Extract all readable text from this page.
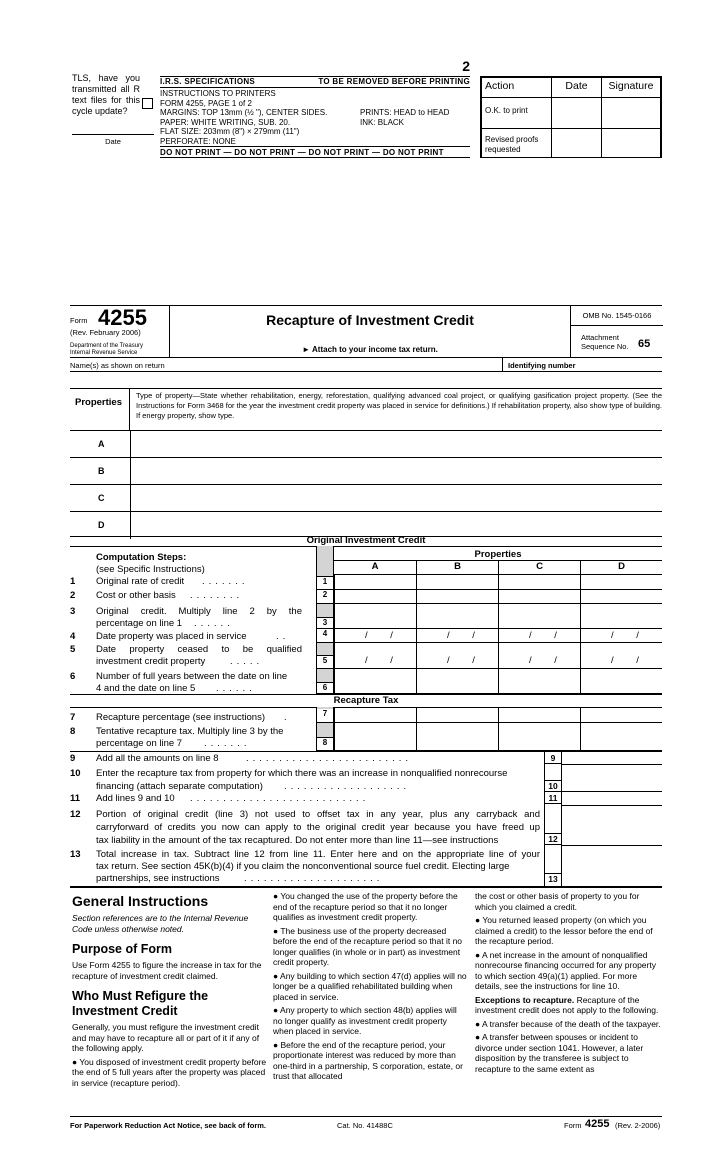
TLS, have you transmitted all R text files for this cycle update?
Date
2
I.R.S. SPECIFICATIONS	TO BE REMOVED BEFORE PRINTING
INSTRUCTIONS TO PRINTERS
FORM 4255, PAGE 1 of 2
MARGINS: TOP 13mm (½ "), CENTER SIDES.	PRINTS: HEAD to HEAD
PAPER: WHITE WRITING, SUB. 20.	INK: BLACK
FLAT SIZE: 203mm (8") × 279mm (11")
PERFORATE: NONE
DO NOT PRINT — DO NOT PRINT — DO NOT PRINT — DO NOT PRINT
Action	Date	Signature
O.K. to print		
Revised proofs requested		
Form 4255
(Rev. February 2006)
Department of the Treasury
Internal Revenue Service
Recapture of Investment Credit
► Attach to your income tax return.
OMB No. 1545-0166
Attachment
Sequence No. 65
Name(s) as shown on return	Identifying number
Properties
Type of property—State whether rehabilitation, energy, reforestation, qualifying advanced coal project, or qualifying gasification project property. (See the Instructions for Form 3468 for the year the investment credit property was placed in service for definitions.) If rehabilitation property, also show type of building. If energy property, show type.
A
B
C
D
Original Investment Credit
Computation Steps:
(see Specific Instructions)
Properties
A	B	C	D
1	Original rate of credit .......
2	Cost or other basis ........
3	Original credit. Multiply line 2 by the
percentage on line 1 ......
4	Date property was placed in service	..
5	Date property ceased to be qualified
investment credit property	.....
6	Number of full years between the date on line
4 and the date on line 5 ......
1
2
3
4
5
6
/ /	/ /	/ /	/ /
/ /	/ /	/ /	/ /
Recapture Tax
7	Recapture percentage (see instructions) .
8	Tentative recapture tax. Multiply line 3 by the
percentage on line 7 .......
7
8
9	Add all the amounts on line 8	.........................
10	Enter the recapture tax from property for which there was an increase in nonqualified nonrecourse
financing (attach separate computation) ...................
11	Add lines 9 and 10 ...........................
12	Portion of original credit (line 3) not used to offset tax in any year, plus any carryback and
carryforward of credits you now can apply to the original credit year because you have freed up
tax liability in the amount of the tax recaptured. Do not enter more than line 11—see instructions
13	Total increase in tax. Subtract line 12 from line 11. Enter here and on the appropriate line of your
tax return. See section 45K(b)(4) if you claim the nonconventional source fuel credit. Electing large
partnerships, see instructions	.....................
9
10
11
12
13
General Instructions
Section references are to the Internal Revenue Code unless otherwise noted.
Purpose of Form
Use Form 4255 to figure the increase in tax for the recapture of investment credit claimed.
Who Must Refigure the Investment Credit
Generally, you must refigure the investment credit and may have to recapture all or part of it if any of the following apply.
● You disposed of investment credit property before the end of 5 full years after the property was placed in service (recapture period).
● You changed the use of the property before the end of the recapture period so that it no longer qualifies as investment credit property.
● The business use of the property decreased before the end of the recapture period so that it no longer qualifies (in whole or in part) as investment credit property.
● Any building to which section 47(d) applies will no longer be a qualified rehabilitated building when placed in service.
● Any property to which section 48(b) applies will no longer qualify as investment credit property when placed in service.
● Before the end of the recapture period, your proportionate interest was reduced by more than one-third in a partnership, S corporation, estate, or trust that allocated
the cost or other basis of property to you for which you claimed a credit.
● You returned leased property (on which you claimed a credit) to the lessor before the end of the recapture period.
● A net increase in the amount of nonqualified nonrecourse financing occurred for any property to which section 49(a)(1) applied. For more details, see the instructions for line 10.
Exceptions to recapture. Recapture of the investment credit does not apply to the following.
● A transfer because of the death of the taxpayer.
● A transfer between spouses or incident to divorce under section 1041. However, a later disposition by the transferee is subject to recapture to the same extent as
For Paperwork Reduction Act Notice, see back of form.	Cat. No. 41488C	Form 4255 (Rev. 2-2006)
